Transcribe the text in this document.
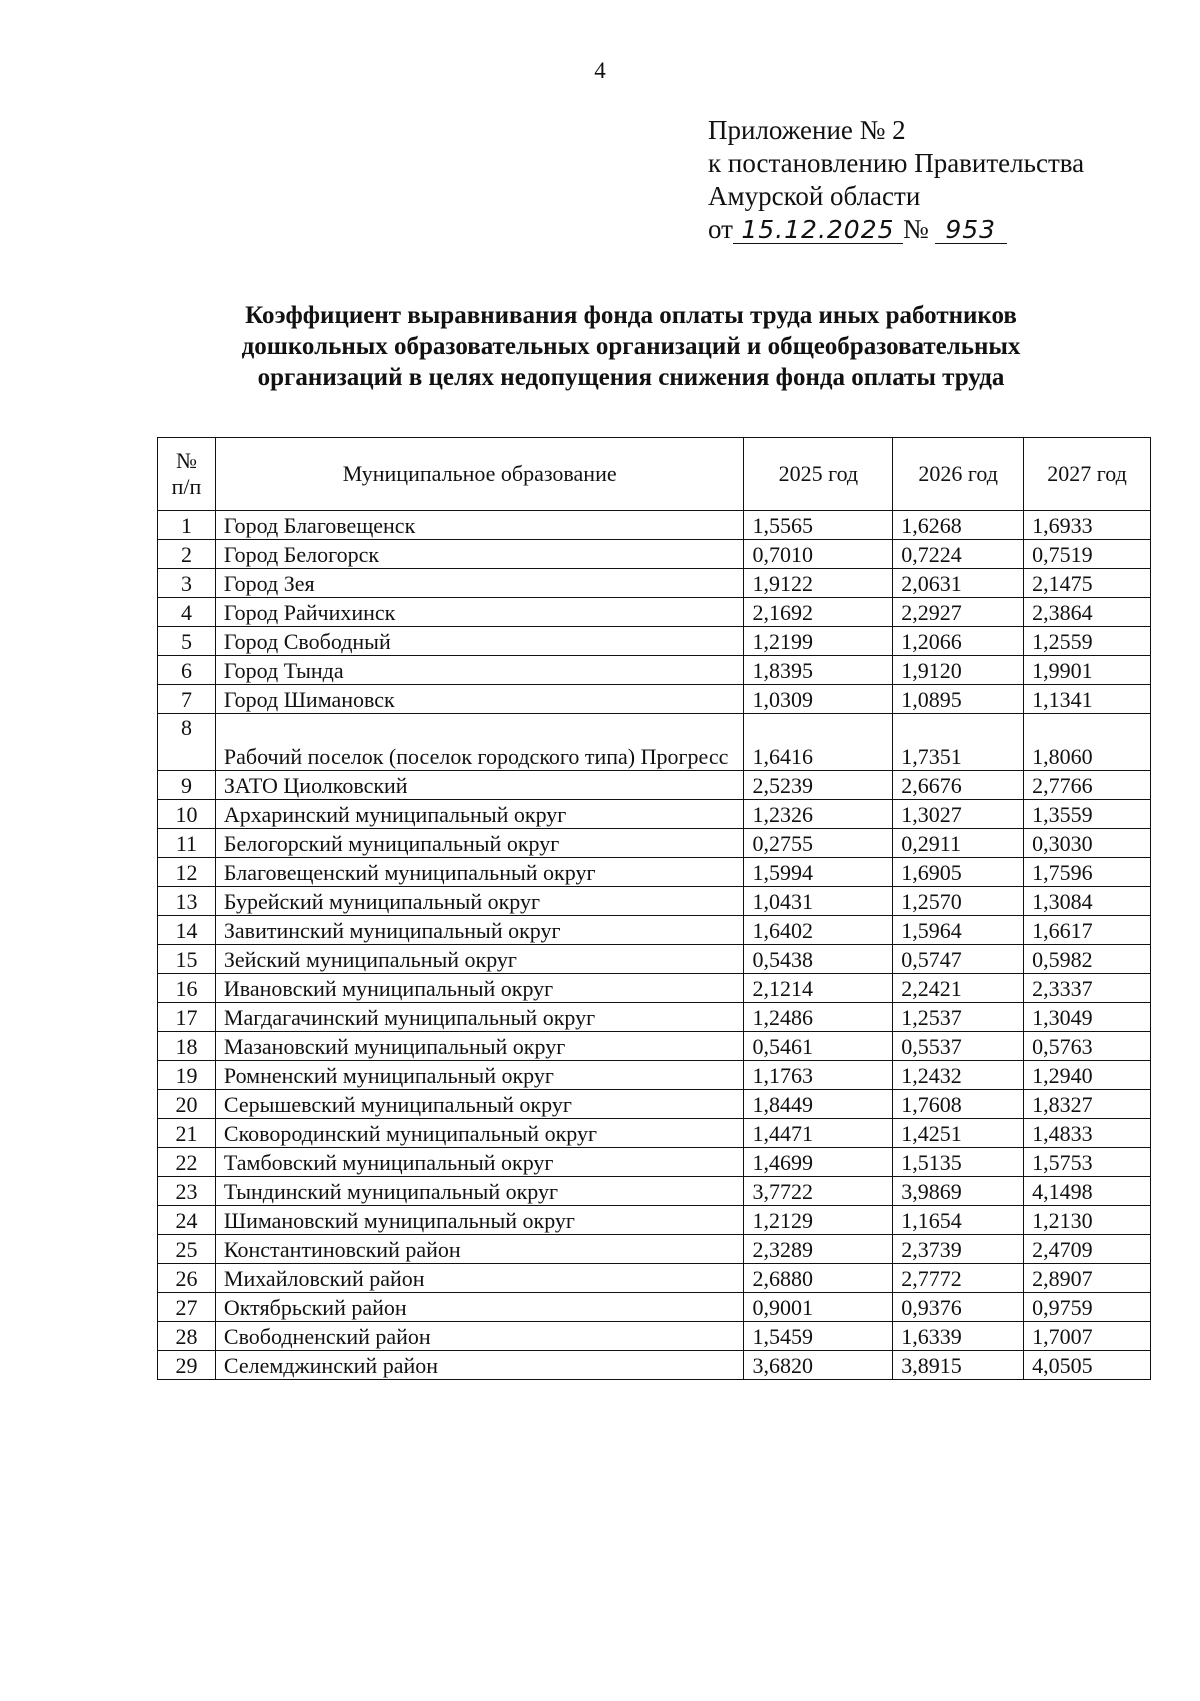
4
Приложение № 2
к постановлению Правительства
Амурской области
от 15.12.2025 № 953
Коэффициент выравнивания фонда оплаты труда иных работников
дошкольных образовательных организаций и общеобразовательных
организаций в целях недопущения снижения фонда оплаты труда
№
п/п	Муниципальное образование	2025 год	2026 год	2027 год
1	Город Благовещенск	1,5565	1,6268	1,6933
2	Город Белогорск	0,7010	0,7224	0,7519
3	Город Зея	1,9122	2,0631	2,1475
4	Город Райчихинск	2,1692	2,2927	2,3864
5	Город Свободный	1,2199	1,2066	1,2559
6	Город Тында	1,8395	1,9120	1,9901
7	Город Шимановск	1,0309	1,0895	1,1341
8	Рабочий поселок (поселок городского типа) Прогресс	1,6416	1,7351	1,8060
9	ЗАТО Циолковский	2,5239	2,6676	2,7766
10	Архаринский муниципальный округ	1,2326	1,3027	1,3559
11	Белогорский муниципальный округ	0,2755	0,2911	0,3030
12	Благовещенский муниципальный округ	1,5994	1,6905	1,7596
13	Бурейский муниципальный округ	1,0431	1,2570	1,3084
14	Завитинский муниципальный округ	1,6402	1,5964	1,6617
15	Зейский муниципальный округ	0,5438	0,5747	0,5982
16	Ивановский муниципальный округ	2,1214	2,2421	2,3337
17	Магдагачинский муниципальный округ	1,2486	1,2537	1,3049
18	Мазановский муниципальный округ	0,5461	0,5537	0,5763
19	Ромненский муниципальный округ	1,1763	1,2432	1,2940
20	Серышевский муниципальный округ	1,8449	1,7608	1,8327
21	Сковородинский муниципальный округ	1,4471	1,4251	1,4833
22	Тамбовский муниципальный округ	1,4699	1,5135	1,5753
23	Тындинский муниципальный округ	3,7722	3,9869	4,1498
24	Шимановский муниципальный округ	1,2129	1,1654	1,2130
25	Константиновский район	2,3289	2,3739	2,4709
26	Михайловский район	2,6880	2,7772	2,8907
27	Октябрьский район	0,9001	0,9376	0,9759
28	Свободненский район	1,5459	1,6339	1,7007
29	Селемджинский район	3,6820	3,8915	4,0505
